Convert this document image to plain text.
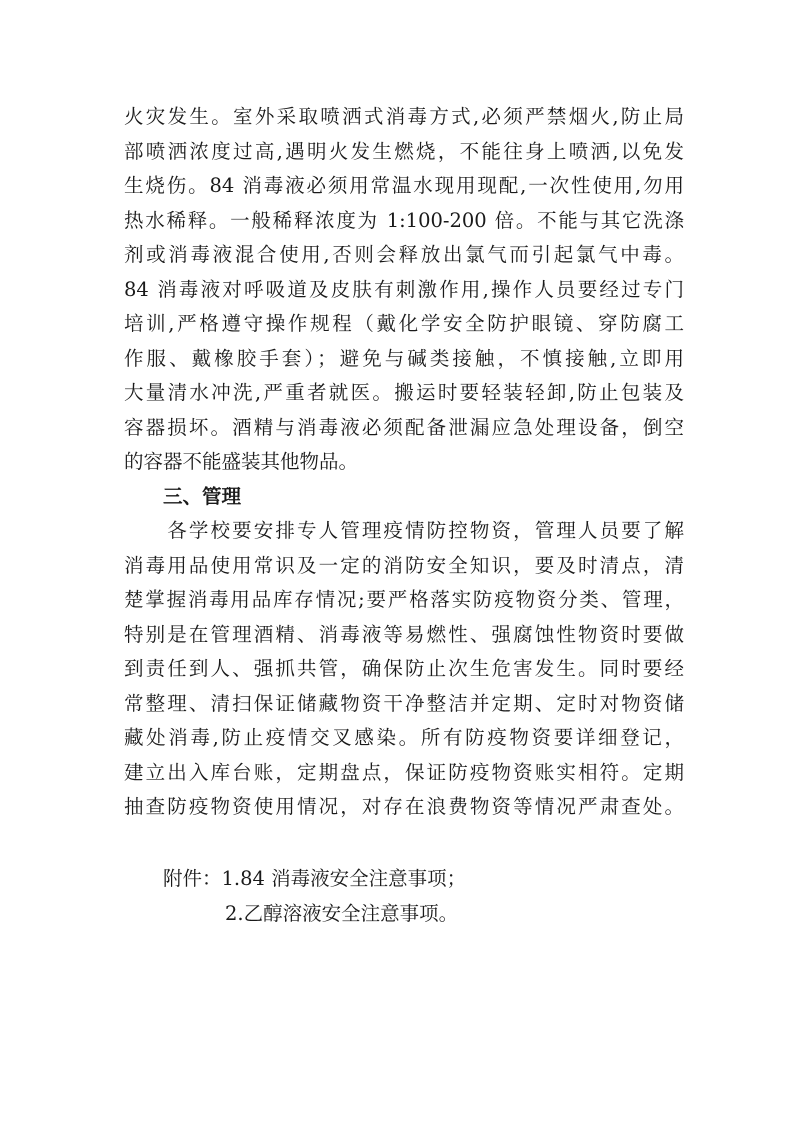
火灾发生。室外采取喷洒式消毒方式,必须严禁烟火,防止局
部喷洒浓度过高,遇明火发生燃烧，不能往身上喷洒,以免发
生烧伤。84 消毒液必须用常温水现用现配,一次性使用,勿用
热水稀释。一般稀释浓度为 1:100-200 倍。不能与其它洗涤
剂或消毒液混合使用,否则会释放出氯气而引起氯气中毒。
84 消毒液对呼吸道及皮肤有刺激作用,操作人员要经过专门
培训,严格遵守操作规程（戴化学安全防护眼镜、穿防腐工
作服、戴橡胶手套）；避免与碱类接触，不慎接触,立即用
大量清水冲洗,严重者就医。搬运时要轻装轻卸,防止包装及
容器损坏。酒精与消毒液必须配备泄漏应急处理设备，倒空
的容器不能盛装其他物品。
三、管理
　　各学校要安排专人管理疫情防控物资，管理人员要了解
消毒用品使用常识及一定的消防安全知识，要及时清点，清
楚掌握消毒用品库存情况;要严格落实防疫物资分类、管理，
特别是在管理酒精、消毒液等易燃性、强腐蚀性物资时要做
到责任到人、强抓共管，确保防止次生危害发生。同时要经
常整理、清扫保证储藏物资干净整洁并定期、定时对物资储
藏处消毒,防止疫情交叉感染。所有防疫物资要详细登记，
建立出入库台账，定期盘点，保证防疫物资账实相符。定期
抽查防疫物资使用情况，对存在浪费物资等情况严肃查处。
附件：1.84 消毒液安全注意事项；
2.乙醇溶液安全注意事项。
